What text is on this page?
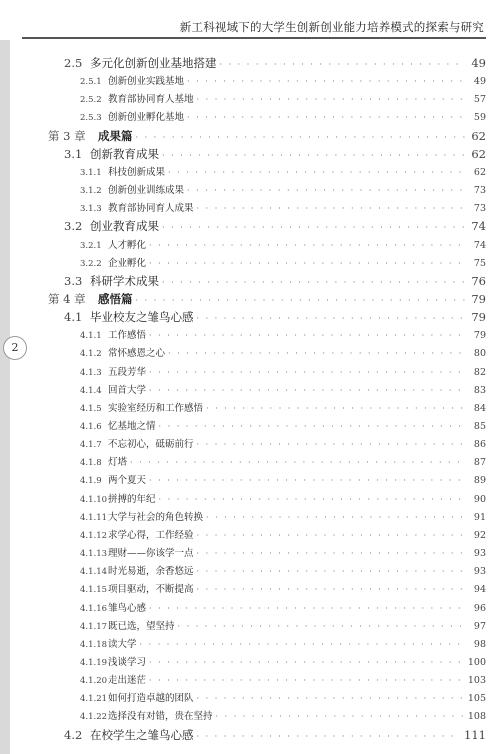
新工科视域下的大学生创新创业能力培养模式的探索与研究
2
2.5 多元化创新创业基地搭建 · · ·	49
2.5.1 创新创业实践基地 · · ·	49
2.5.2 教育部协同育人基地 · · ·	57
2.5.3 创新创业孵化基地 · · ·	59
第 3 章	成果篇 · · ·	62
3.1 创新教育成果 · · ·	62
3.1.1 科技创新成果 · · ·	62
3.1.2 创新创业训练成果 · · ·	73
3.1.3 教育部协同育人成果 · · ·	73
3.2 创业教育成果 · · ·	74
3.2.1 人才孵化 · · ·	74
3.2.2 企业孵化 · · ·	75
3.3 科研学术成果 · · ·	76
第 4 章	感悟篇 · · ·	79
4.1 毕业校友之雏鸟心感 · · ·	79
4.1.1 工作感悟 · · ·	79
4.1.2 常怀感恩之心 · · ·	80
4.1.3 五段芳华 · · ·	82
4.1.4 回首大学 · · ·	83
4.1.5 实验室经历和工作感悟 · · ·	84
4.1.6 忆基地之情 · · ·	85
4.1.7 不忘初心，砥砺前行 · · ·	86
4.1.8 灯塔 · · ·	87
4.1.9 两个夏天 · · ·	89
4.1.10 拼搏的年纪 · · ·	90
4.1.11 大学与社会的角色转换 · · ·	91
4.1.12 求学心得，工作经验 · · ·	92
4.1.13 理财——你该学一点 · · ·	93
4.1.14 时光易逝，余香悠远 · · ·	93
4.1.15 项目驱动，不断提高 · · ·	94
4.1.16 雏鸟心感 · · ·	96
4.1.17 既已选，望坚持 · · ·	97
4.1.18 读大学 · · ·	98
4.1.19 浅谈学习 · · ·	100
4.1.20 走出迷茫 · · ·	103
4.1.21 如何打造卓越的团队 · · ·	105
4.1.22 选择没有对错，贵在坚持 · · ·	108
4.2 在校学生之雏鸟心感 · · ·	111
